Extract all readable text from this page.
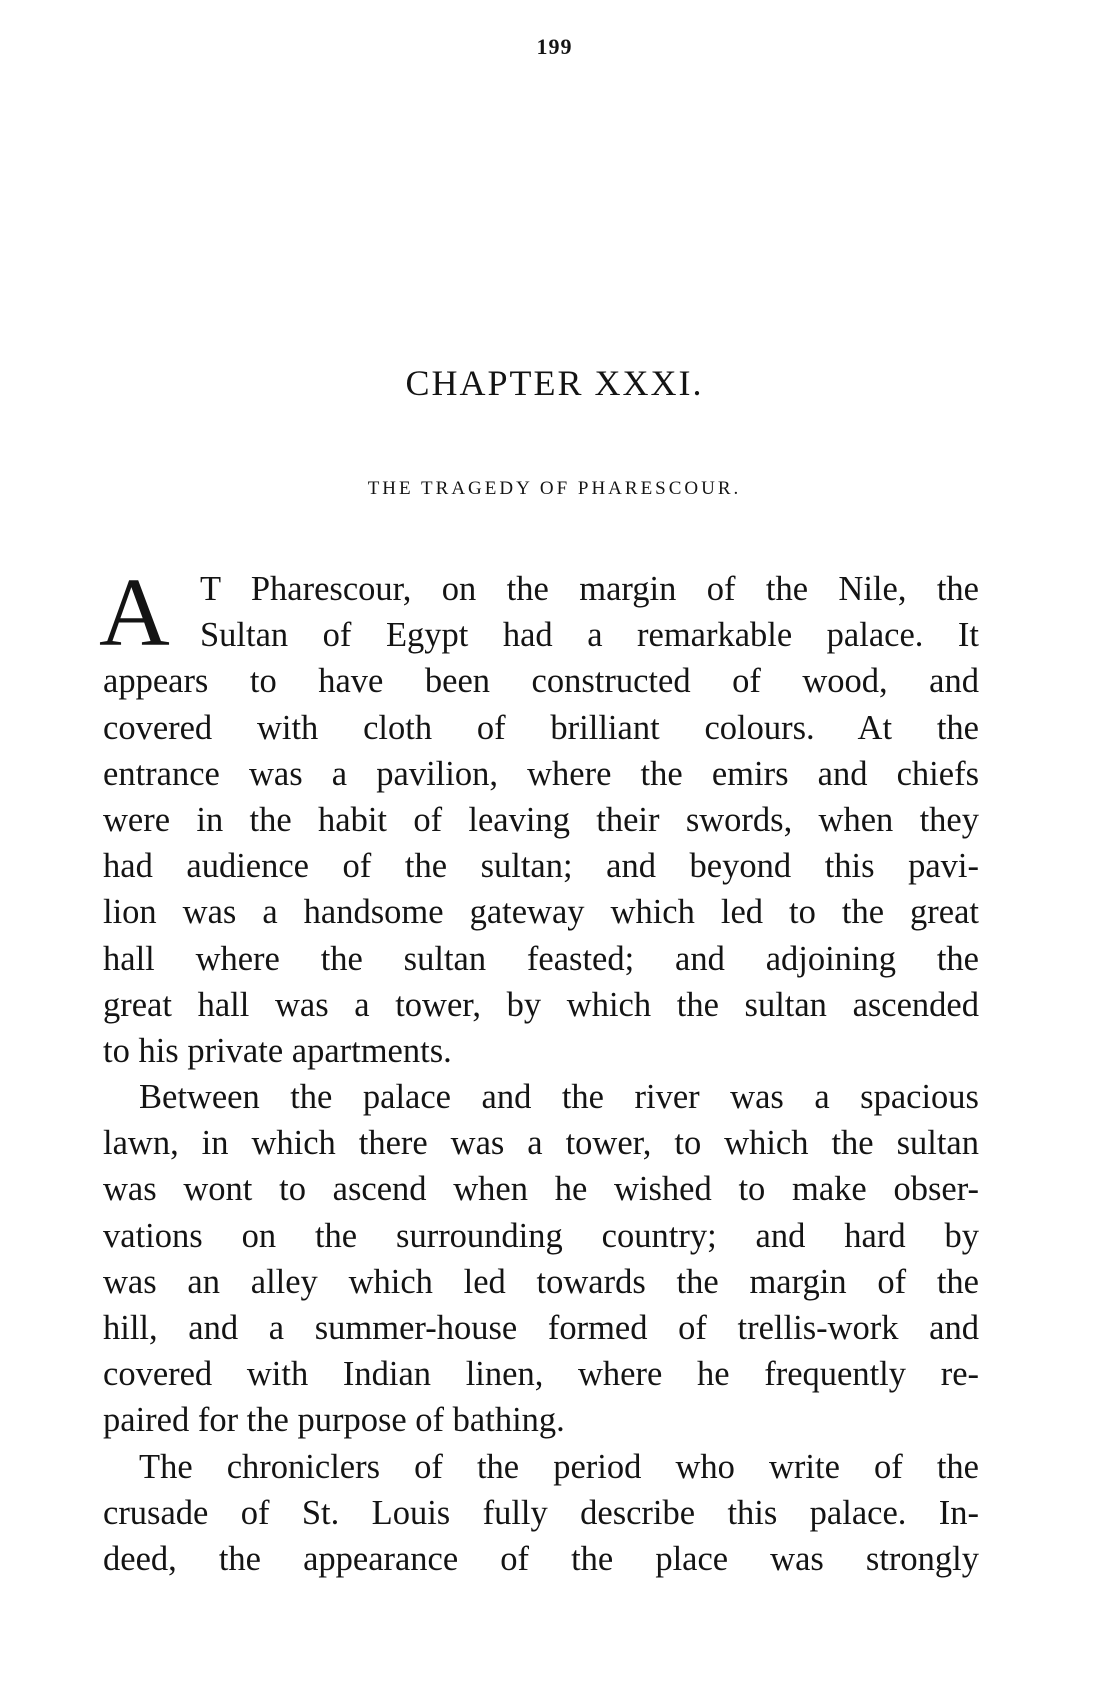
199
CHAPTER XXXI.
THE TRAGEDY OF PHARESCOUR.
A T Pharescour, on the margin of the Nile, the
Sultan of Egypt had a remarkable palace. It
appears to have been constructed of wood, and
covered with cloth of brilliant colours. At the
entrance was a pavilion, where the emirs and chiefs
were in the habit of leaving their swords, when they
had audience of the sultan; and beyond this pavi-
lion was a handsome gateway which led to the great
hall where the sultan feasted; and adjoining the
great hall was a tower, by which the sultan ascended
to his private apartments.
Between the palace and the river was a spacious
lawn, in which there was a tower, to which the sultan
was wont to ascend when he wished to make obser-
vations on the surrounding country; and hard by
was an alley which led towards the margin of the
hill, and a summer-house formed of trellis-work and
covered with Indian linen, where he frequently re-
paired for the purpose of bathing.
The chroniclers of the period who write of the
crusade of St. Louis fully describe this palace. In-
deed, the appearance of the place was strongly
